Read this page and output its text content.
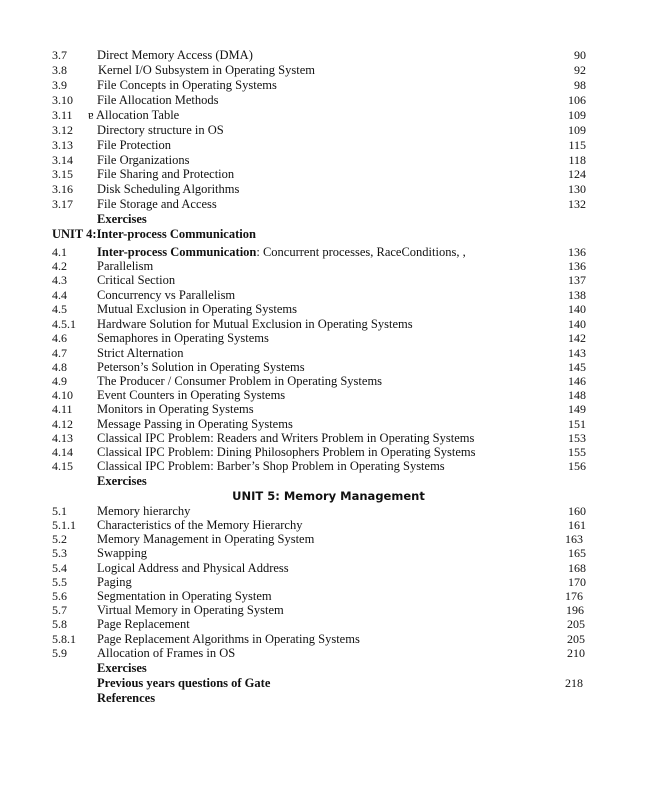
3.7 Direct Memory Access (DMA)	90
3.8 Kernel I/O Subsystem in Operating System	92
3.9 File Concepts in Operating Systems	98
3.10 File Allocation Methods	106
3.11 ɐ Allocation Table	109
3.12 Directory structure in OS	109
3.13 File Protection	115
3.14 File Organizations	118
3.15 File Sharing and Protection	124
3.16 Disk Scheduling Algorithms	130
3.17 File Storage and Access	132
Exercises
UNIT 4:Inter-process Communication
4.1 Inter-process Communication: Concurrent processes, RaceConditions, ,	136
4.2 Parallelism	136
4.3 Critical Section	137
4.4 Concurrency vs Parallelism	138
4.5 Mutual Exclusion in Operating Systems	140
4.5.1 Hardware Solution for Mutual Exclusion in Operating Systems	140
4.6 Semaphores in Operating Systems	142
4.7 Strict Alternation	143
4.8 Peterson’s Solution in Operating Systems	145
4.9 The Producer / Consumer Problem in Operating Systems	146
4.10 Event Counters in Operating Systems	148
4.11 Monitors in Operating Systems	149
4.12 Message Passing in Operating Systems	151
4.13 Classical IPC Problem: Readers and Writers Problem in Operating Systems	153
4.14 Classical IPC Problem: Dining Philosophers Problem in Operating Systems	155
4.15 Classical IPC Problem: Barber’s Shop Problem in Operating Systems	156
Exercises
UNIT 5: Memory Management
5.1 Memory hierarchy	160
5.1.1 Characteristics of the Memory Hierarchy	161
5.2 Memory Management in Operating System	163
5.3 Swapping	165
5.4 Logical Address and Physical Address	168
5.5 Paging	170
5.6 Segmentation in Operating System	176
5.7 Virtual Memory in Operating System	196
5.8 Page Replacement	205
5.8.1 Page Replacement Algorithms in Operating Systems	205
5.9 Allocation of Frames in OS	210
Exercises
Previous years questions of Gate	218
References
